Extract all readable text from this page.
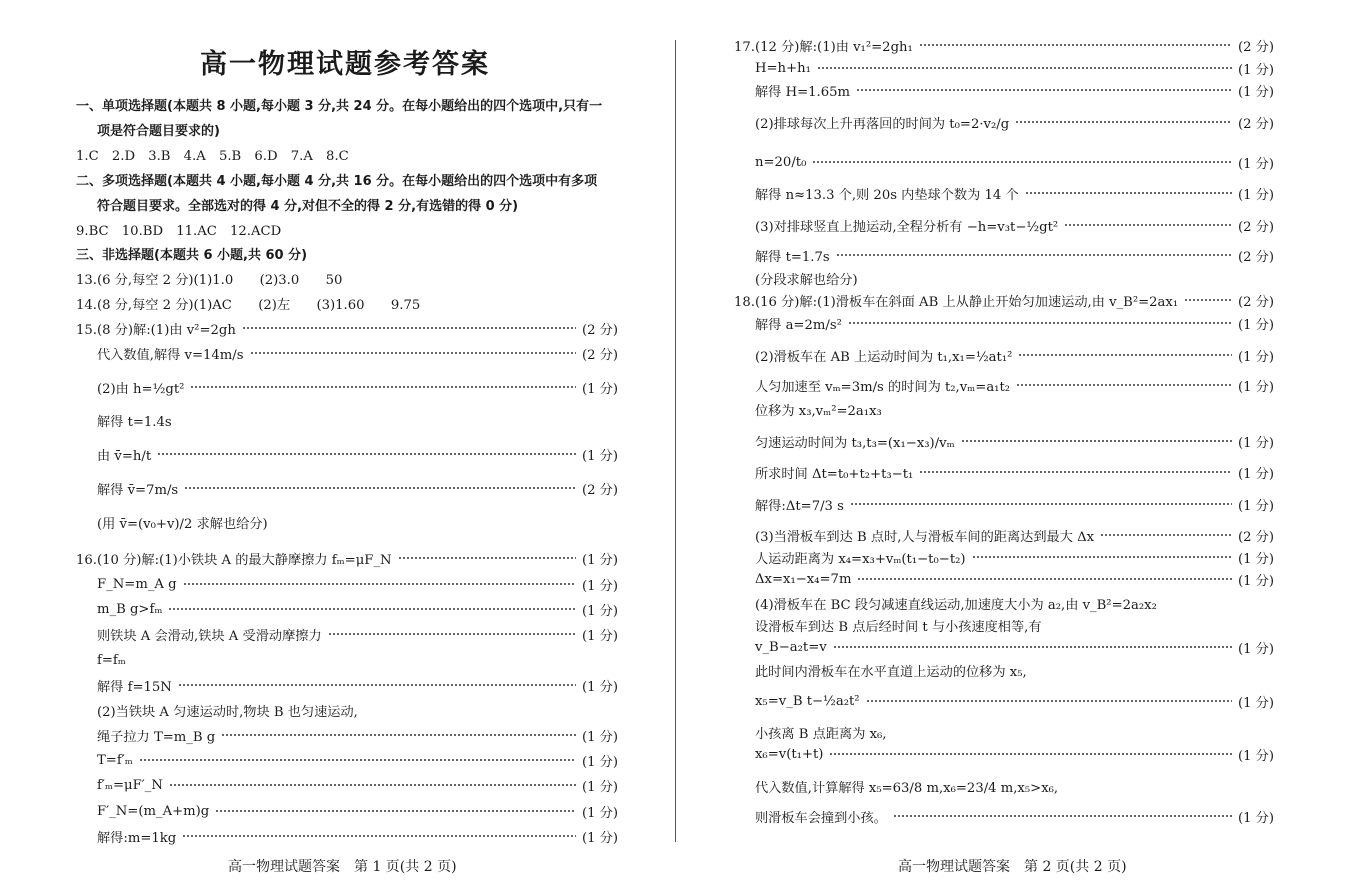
高一物理试题参考答案
一、单项选择题(本题共 8 小题,每小题 3 分,共 24 分。在每小题给出的四个选项中,只有一
项是符合题目要求的)
1.C　2.D　3.B　4.A　5.B　6.D　7.A　8.C
二、多项选择题(本题共 4 小题,每小题 4 分,共 16 分。在每小题给出的四个选项中有多项
符合题目要求。全部选对的得 4 分,对但不全的得 2 分,有选错的得 0 分)
9.BC　10.BD　11.AC　12.ACD
三、非选择题(本题共 6 小题,共 60 分)
13.(6 分,每空 2 分)(1)1.0　　(2)3.0　　50
14.(8 分,每空 2 分)(1)AC　　(2)左　　(3)1.60　　9.75
15.(8 分)解:(1)由 v²=2gh	(2 分)
代入数值,解得 v=14m/s	(2 分)
(2)由 h=½gt²	(1 分)
解得 t=1.4s
由 v̄=h/t	(1 分)
解得 v̄=7m/s	(2 分)
(用 v̄=(v₀+v)/2 求解也给分)
16.(10 分)解:(1)小铁块 A 的最大静摩擦力 fₘ=μF_N	(1 分)
F_N=m_A g	(1 分)
m_B g>fₘ	(1 分)
则铁块 A 会滑动,铁块 A 受滑动摩擦力	(1 分)
f=fₘ
解得 f=15N	(1 分)
(2)当铁块 A 匀速运动时,物块 B 也匀速运动,
绳子拉力 T=m_B g	(1 分)
T=f′ₘ	(1 分)
f′ₘ=μF′_N	(1 分)
F′_N=(m_A+m)g	(1 分)
解得:m=1kg	(1 分)
17.(12 分)解:(1)由 v₁²=2gh₁	(2 分)
H=h+h₁	(1 分)
解得 H=1.65m	(1 分)
(2)排球每次上升再落回的时间为 t₀=2·v₂/g	(2 分)
n=20/t₀	(1 分)
解得 n≈13.3 个,则 20s 内垫球个数为 14 个	(1 分)
(3)对排球竖直上抛运动,全程分析有 −h=v₃t−½gt²	(2 分)
解得 t=1.7s	(2 分)
(分段求解也给分)
18.(16 分)解:(1)滑板车在斜面 AB 上从静止开始匀加速运动,由 v_B²=2ax₁	(2 分)
解得 a=2m/s²	(1 分)
(2)滑板车在 AB 上运动时间为 t₁,x₁=½at₁²	(1 分)
人匀加速至 vₘ=3m/s 的时间为 t₂,vₘ=a₁t₂	(1 分)
位移为 x₃,vₘ²=2a₁x₃
匀速运动时间为 t₃,t₃=(x₁−x₃)/vₘ	(1 分)
所求时间 Δt=t₀+t₂+t₃−t₁	(1 分)
解得:Δt=7/3 s	(1 分)
(3)当滑板车到达 B 点时,人与滑板车间的距离达到最大 Δx	(2 分)
人运动距离为 x₄=x₃+vₘ(t₁−t₀−t₂)	(1 分)
Δx=x₁−x₄=7m	(1 分)
(4)滑板车在 BC 段匀减速直线运动,加速度大小为 a₂,由 v_B²=2a₂x₂
设滑板车到达 B 点后经时间 t 与小孩速度相等,有
v_B−a₂t=v	(1 分)
此时间内滑板车在水平直道上运动的位移为 x₅,
x₅=v_B t−½a₂t²	(1 分)
小孩离 B 点距离为 x₆,
x₆=v(t₁+t)	(1 分)
代入数值,计算解得 x₅=63/8 m,x₆=23/4 m,x₅>x₆,
则滑板车会撞到小孩。	(1 分)
高一物理试题答案　第 1 页(共 2 页)	高一物理试题答案　第 2 页(共 2 页)
